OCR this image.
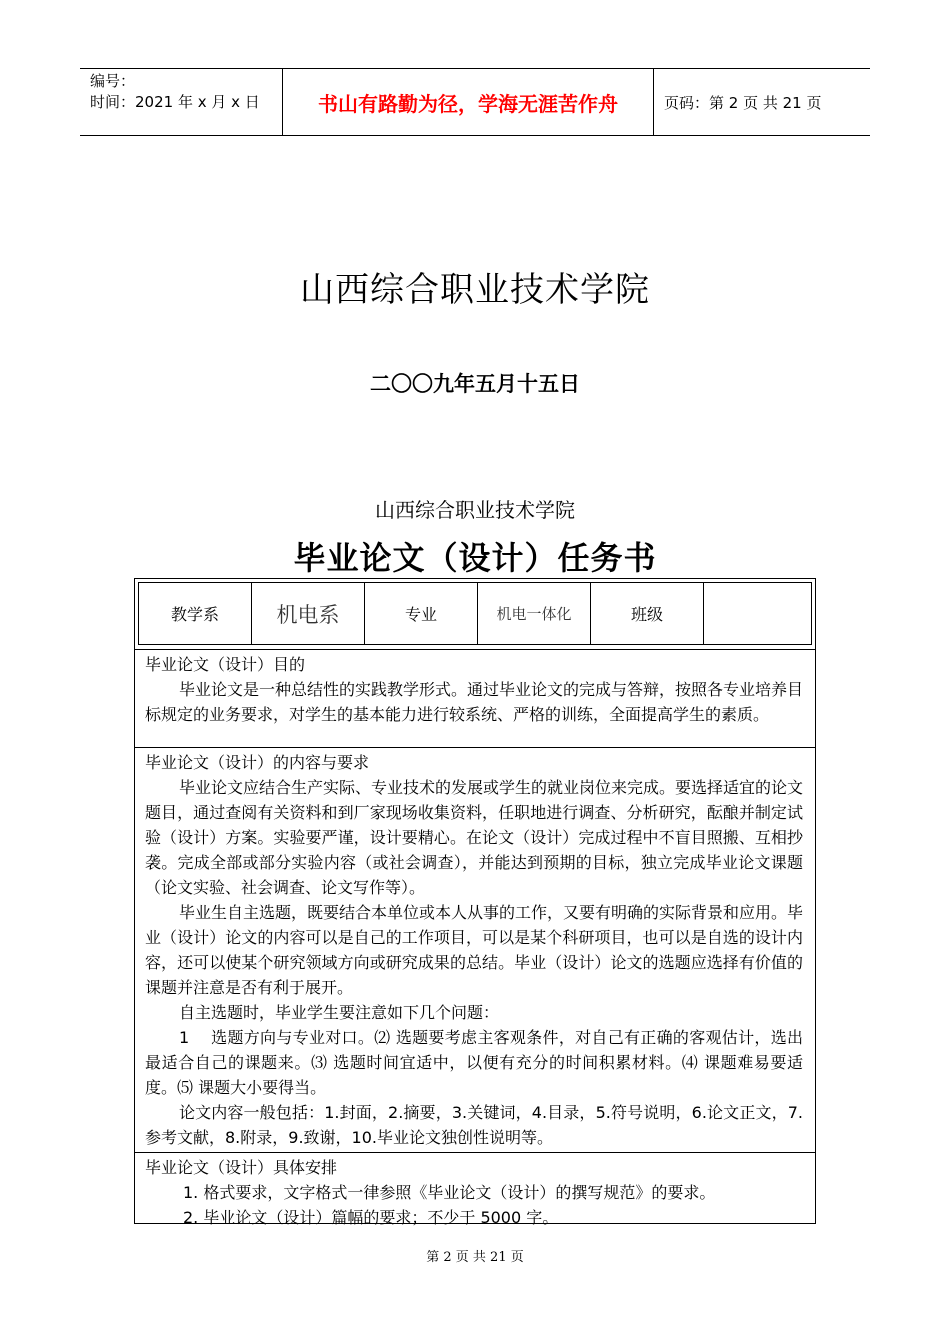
编号：
时间：2021 年 x 月 x 日	书山有路勤为径，学海无涯苦作舟	页码：第 2 页 共 21 页
山西综合职业技术学院
二〇〇九年五月十五日
山西综合职业技术学院
毕业论文（设计）任务书
教学系	机电系	专业	机电一体化	班级
毕业论文（设计）目的

毕业论文是一种总结性的实践教学形式。通过毕业论文的完成与答辩，按照各专业培养目标规定的业务要求，对学生的基本能力进行较系统、严格的训练，全面提高学生的素质。

毕业论文（设计）的内容与要求

毕业论文应结合生产实际、专业技术的发展或学生的就业岗位来完成。要选择适宜的论文题目，通过查阅有关资料和到厂家现场收集资料，任职地进行调查、分析研究，酝酿并制定试验（设计）方案。实验要严谨，设计要精心。在论文（设计）完成过程中不盲目照搬、互相抄袭。完成全部或部分实验内容（或社会调查），并能达到预期的目标，独立完成毕业论文课题（论文实验、社会调查、论文写作等）。

毕业生自主选题，既要结合本单位或本人从事的工作，又要有明确的实际背景和应用。毕业（设计）论文的内容可以是自己的工作项目，可以是某个科研项目，也可以是自选的设计内容，还可以使某个研究领域方向或研究成果的总结。毕业（设计）论文的选题应选择有价值的课题并注意是否有利于展开。

自主选题时，毕业学生要注意如下几个问题：

1　 选题方向与专业对口。⑵ 选题要考虑主客观条件，对自己有正确的客观估计，选出最适合自己的课题来。⑶ 选题时间宜适中，以便有充分的时间积累材料。⑷ 课题难易要适度。⑸ 课题大小要得当。

论文内容一般包括：1.封面，2.摘要，3.关键词，4.目录，5.符号说明，6.论文正文，7.参考文献，8.附录，9.致谢，10.毕业论文独创性说明等。

毕业论文（设计）具体安排

1. 格式要求，文字格式一律参照《毕业论文（设计）的撰写规范》的要求。

2. 毕业论文（设计）篇幅的要求；不少于 5000 字。

第 2 页 共 21 页
